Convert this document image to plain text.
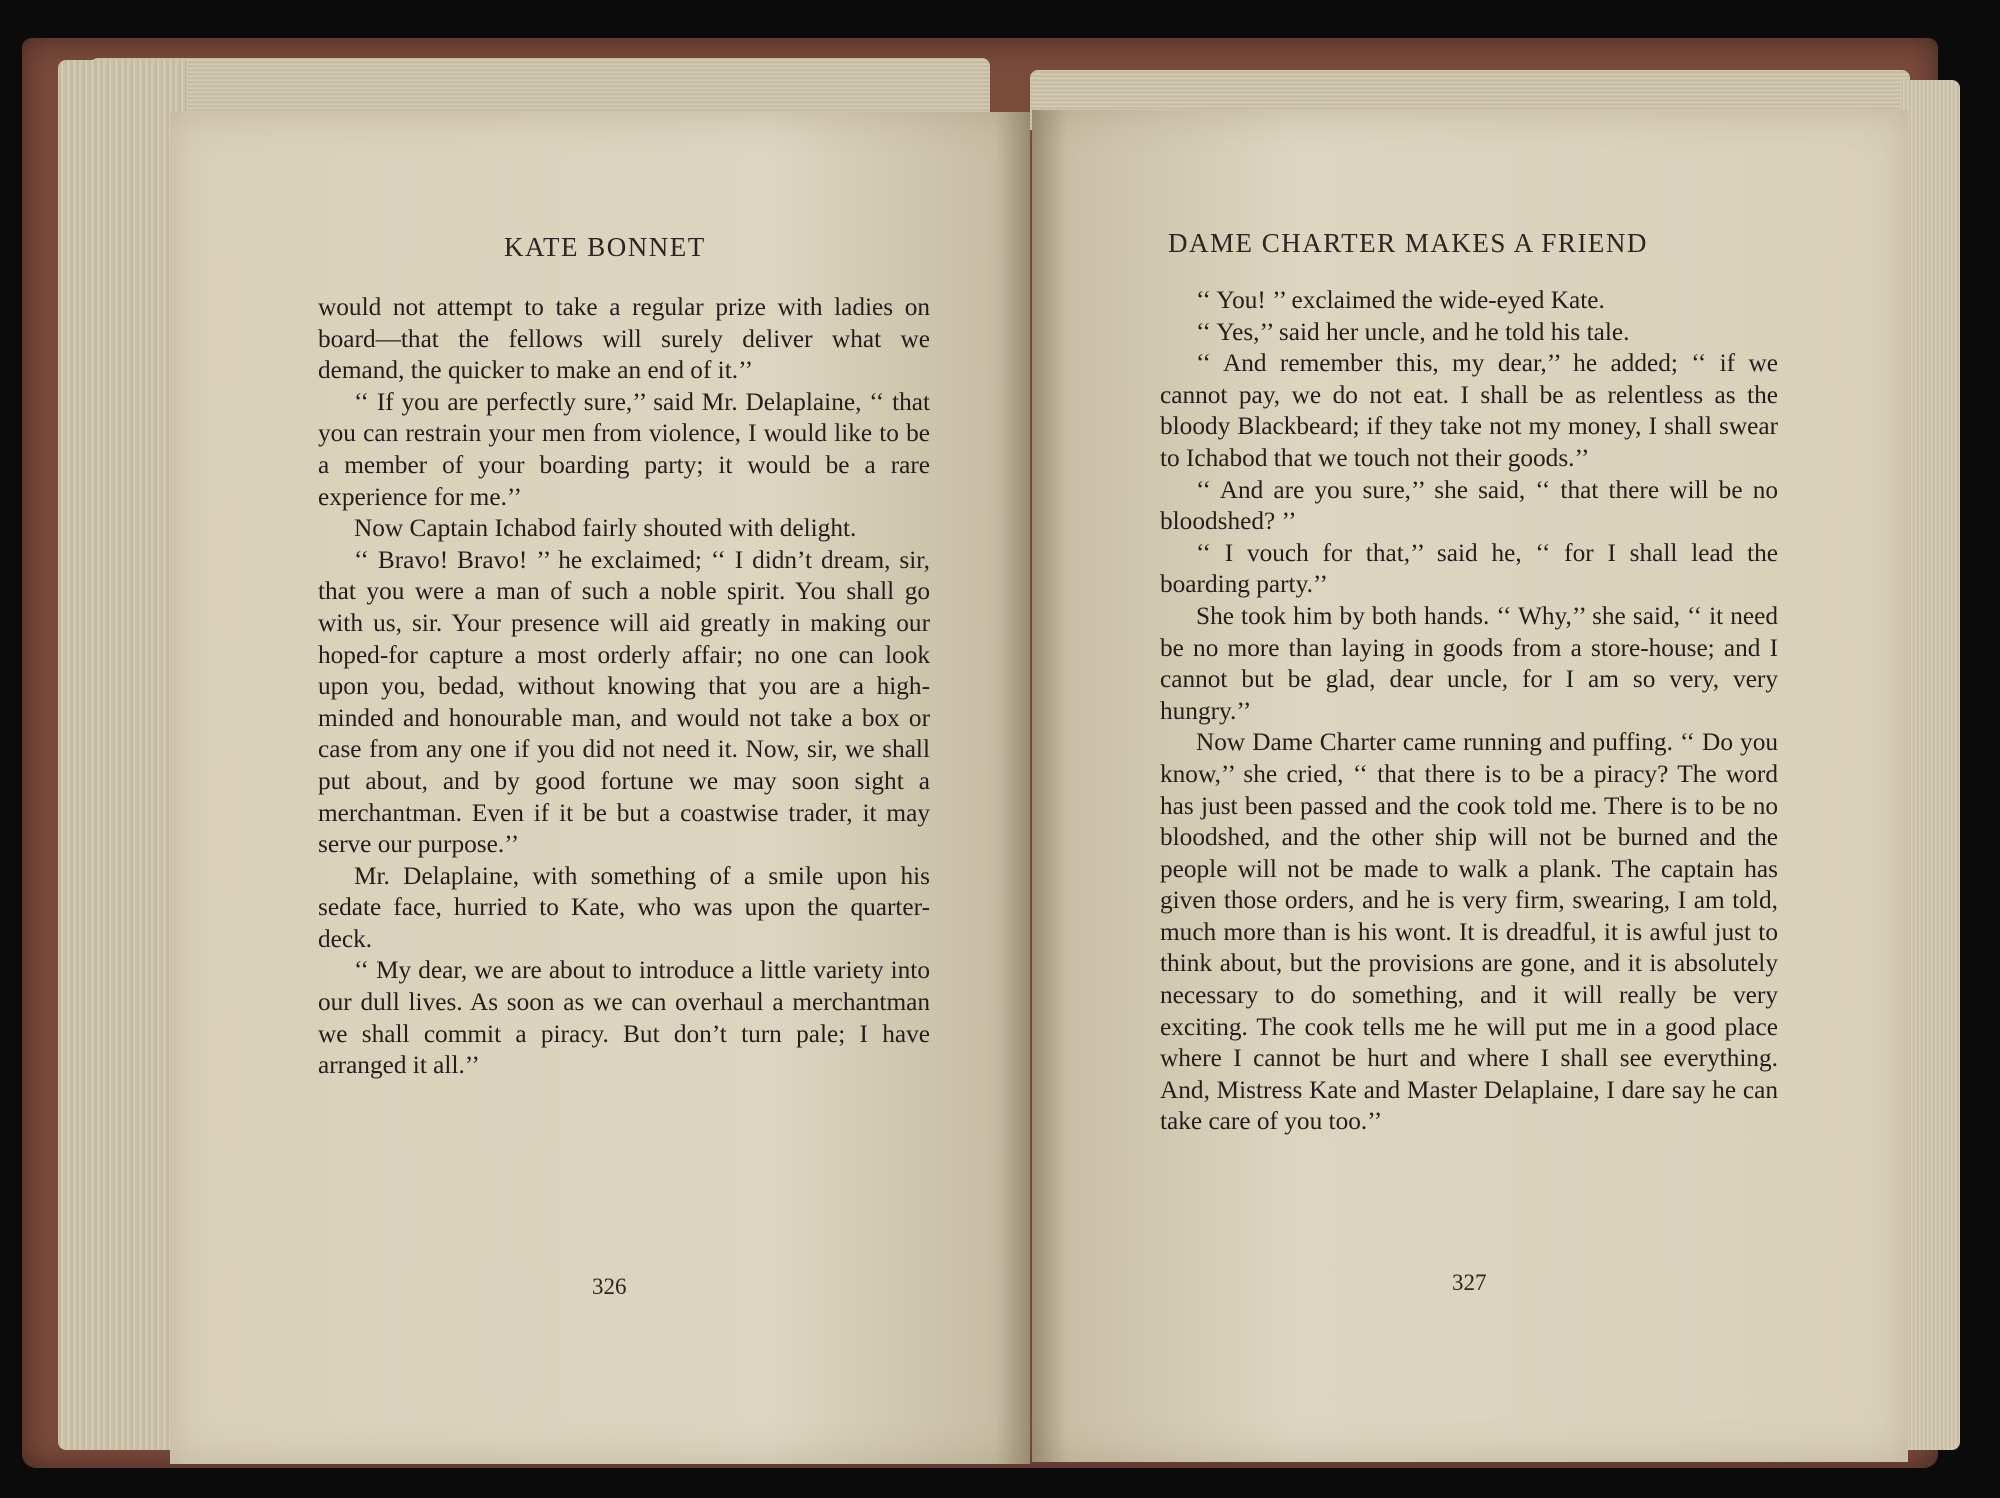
KATE BONNET

would not attempt to take a regular prize with ladies on board—that the fellows will surely deliver what we demand, the quicker to make an end of it.’’

‘‘ If you are perfectly sure,’’ said Mr. Delaplaine, ‘‘ that you can restrain your men from violence, I would like to be a member of your boarding party; it would be a rare experience for me.’’

Now Captain Ichabod fairly shouted with delight.

‘‘ Bravo! Bravo! ’’ he exclaimed; ‘‘ I didn’t dream, sir, that you were a man of such a noble spirit. You shall go with us, sir. Your presence will aid greatly in making our hoped-for capture a most orderly affair; no one can look upon you, bedad, without knowing that you are a high-minded and honourable man, and would not take a box or case from any one if you did not need it. Now, sir, we shall put about, and by good fortune we may soon sight a merchantman. Even if it be but a coastwise trader, it may serve our purpose.’’

Mr. Delaplaine, with something of a smile upon his sedate face, hurried to Kate, who was upon the quarter-deck.

‘‘ My dear, we are about to introduce a little variety into our dull lives. As soon as we can overhaul a merchantman we shall commit a piracy. But don’t turn pale; I have arranged it all.’’

326
DAME CHARTER MAKES A FRIEND

‘‘ You! ’’ exclaimed the wide-eyed Kate.

‘‘ Yes,’’ said her uncle, and he told his tale.

‘‘ And remember this, my dear,’’ he added; ‘‘ if we cannot pay, we do not eat. I shall be as relentless as the bloody Blackbeard; if they take not my money, I shall swear to Ichabod that we touch not their goods.’’

‘‘ And are you sure,’’ she said, ‘‘ that there will be no bloodshed? ’’

‘‘ I vouch for that,’’ said he, ‘‘ for I shall lead the boarding party.’’

She took him by both hands. ‘‘ Why,’’ she said, ‘‘ it need be no more than laying in goods from a store-house; and I cannot but be glad, dear uncle, for I am so very, very hungry.’’

Now Dame Charter came running and puffing. ‘‘ Do you know,’’ she cried, ‘‘ that there is to be a piracy? The word has just been passed and the cook told me. There is to be no bloodshed, and the other ship will not be burned and the people will not be made to walk a plank. The captain has given those orders, and he is very firm, swearing, I am told, much more than is his wont. It is dreadful, it is awful just to think about, but the provisions are gone, and it is absolutely necessary to do something, and it will really be very exciting. The cook tells me he will put me in a good place where I cannot be hurt and where I shall see everything. And, Mistress Kate and Master Delaplaine, I dare say he can take care of you too.’’

327
